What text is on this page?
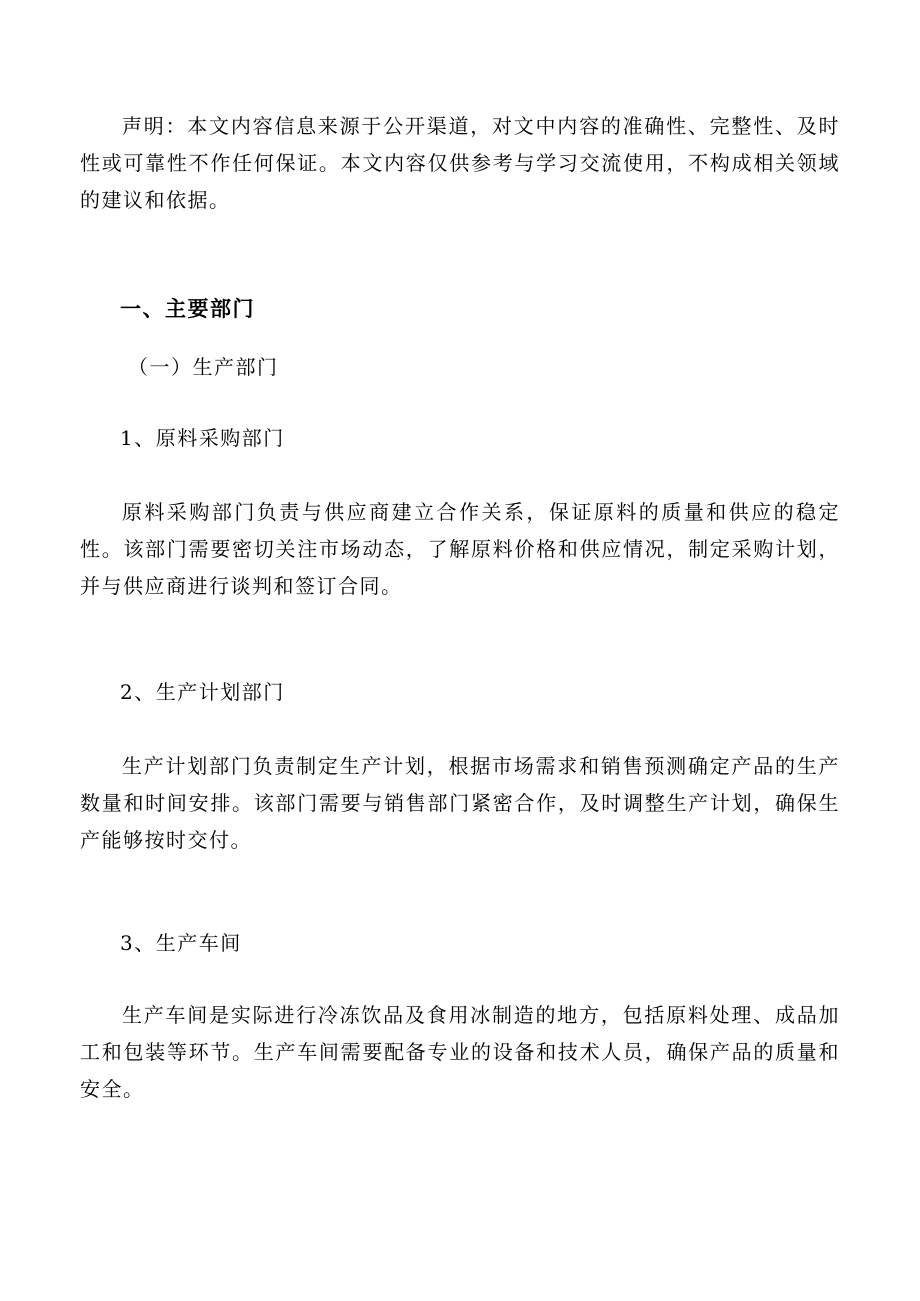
声明：本文内容信息来源于公开渠道，对文中内容的准确性、完整性、及时性或可靠性不作任何保证。本文内容仅供参考与学习交流使用，不构成相关领域的建议和依据。

一、主要部门
（一）生产部门
1、原料采购部门

原料采购部门负责与供应商建立合作关系，保证原料的质量和供应的稳定性。该部门需要密切关注市场动态，了解原料价格和供应情况，制定采购计划，并与供应商进行谈判和签订合同。

2、生产计划部门

生产计划部门负责制定生产计划，根据市场需求和销售预测确定产品的生产数量和时间安排。该部门需要与销售部门紧密合作，及时调整生产计划，确保生产能够按时交付。

3、生产车间

生产车间是实际进行冷冻饮品及食用冰制造的地方，包括原料处理、成品加工和包装等环节。生产车间需要配备专业的设备和技术人员，确保产品的质量和安全。
